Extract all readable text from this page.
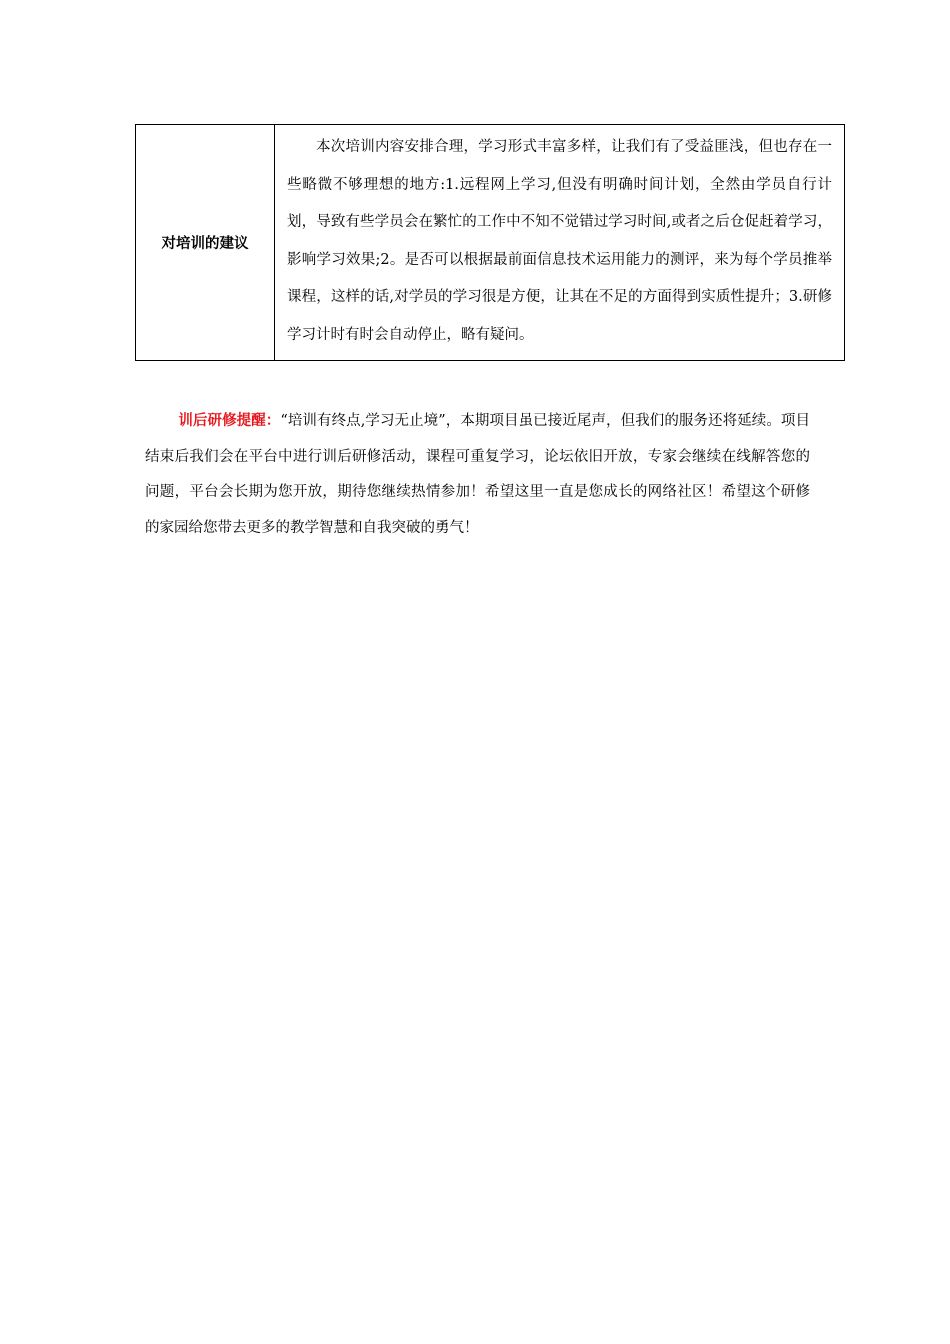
对培训的建议	本次培训内容安排合理，学习形式丰富多样，让我们有了受益匪浅，但也存在一些略微不够理想的地方:1.远程网上学习,但没有明确时间计划，全然由学员自行计划，导致有些学员会在繁忙的工作中不知不觉错过学习时间,或者之后仓促赶着学习，影响学习效果;2。是否可以根据最前面信息技术运用能力的测评，来为每个学员推举课程，这样的话,对学员的学习很是方便，让其在不足的方面得到实质性提升；3.研修学习计时有时会自动停止，略有疑问。
训后研修提醒：“培训有终点,学习无止境”，本期项目虽已接近尾声，但我们的服务还将延续。项目结束后我们会在平台中进行训后研修活动，课程可重复学习，论坛依旧开放，专家会继续在线解答您的问题，平台会长期为您开放，期待您继续热情参加！希望这里一直是您成长的网络社区！希望这个研修的家园给您带去更多的教学智慧和自我突破的勇气！
